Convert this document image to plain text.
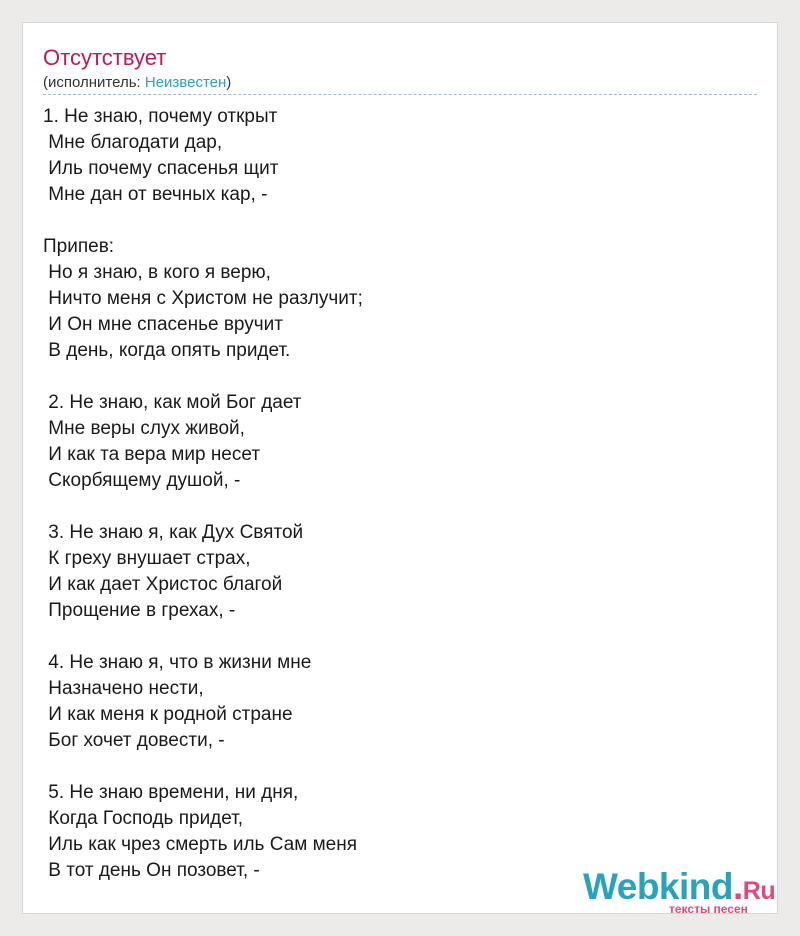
Отсутствует
(исполнитель: Неизвестен)
1. Не знаю, почему открыт
Мне благодати дар,
Иль почему спасенья щит
Мне дан от вечных кар, -
Припев:
Но я знаю, в кого я верю,
Ничто меня с Христом не разлучит;
И Он мне спасенье вручит
В день, когда опять придет.
2. Не знаю, как мой Бог дает
Мне веры слух живой,
И как та вера мир несет
Скорбящему душой, -
3. Не знаю я, как Дух Святой
К греху внушает страх,
И как дает Христос благой
Прощение в грехах, -
4. Не знаю я, что в жизни мне
Назначено нести,
И как меня к родной стране
Бог хочет довести, -
5. Не знаю времени, ни дня,
Когда Господь придет,
Иль как чрез смерть иль Сам меня
В тот день Он позовет, -	Webkind.Ru
тексты песен
